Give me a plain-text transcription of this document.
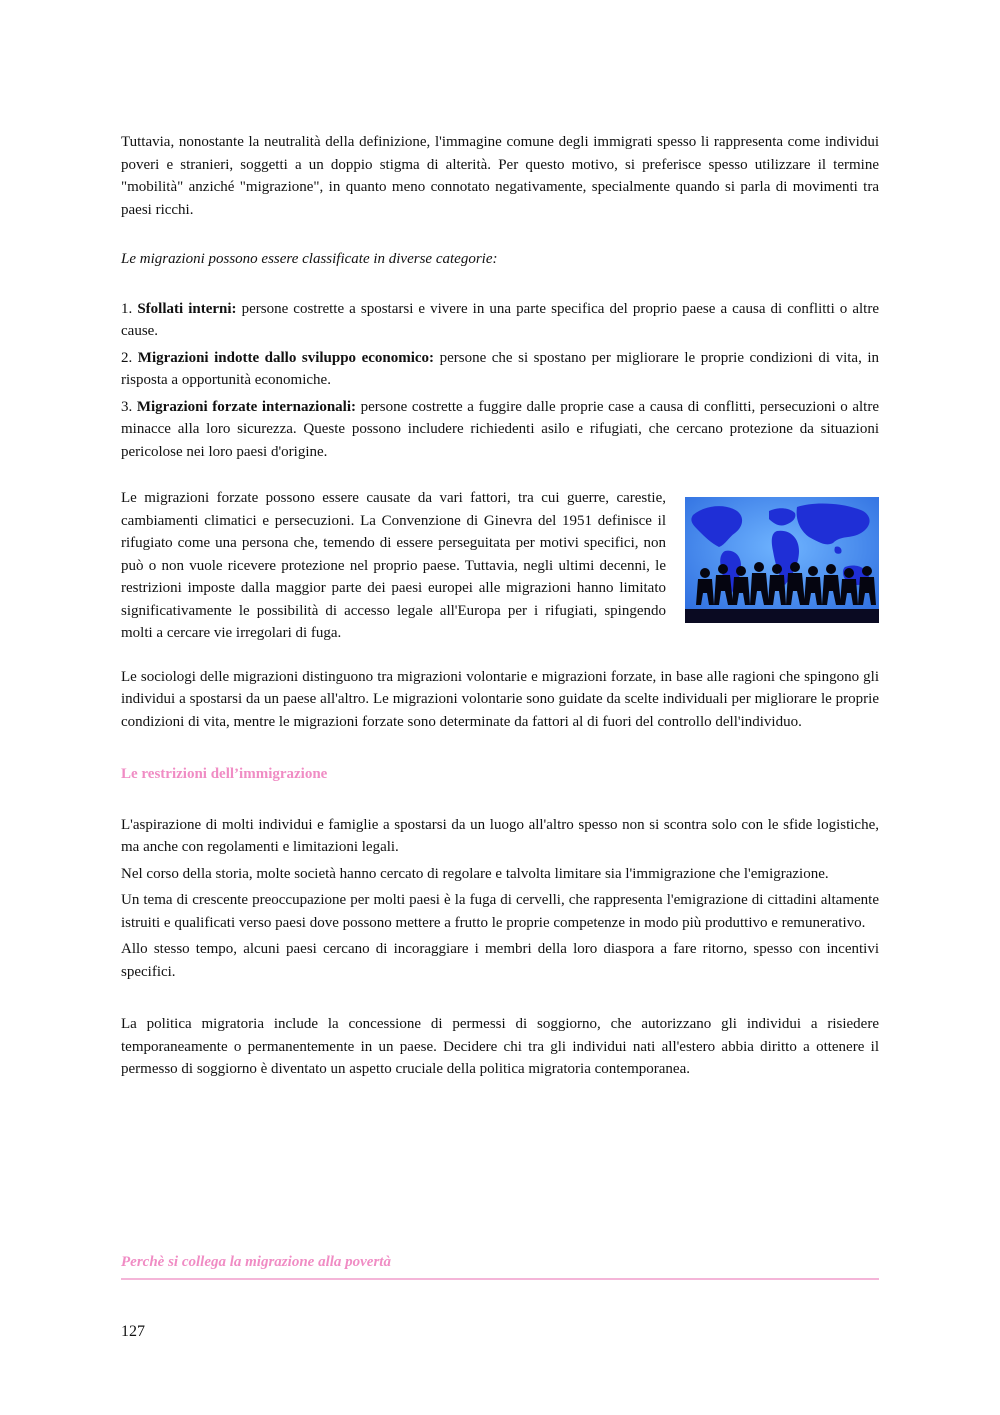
Tuttavia, nonostante la neutralità della definizione, l'immagine comune degli immigrati spesso li rappresenta come individui poveri e stranieri, soggetti a un doppio stigma di alterità. Per questo motivo, si preferisce spesso utilizzare il termine "mobilità" anziché "migrazione", in quanto meno connotato negativamente, specialmente quando si parla di movimenti tra paesi ricchi.

Le migrazioni possono essere classificate in diverse categorie:

1. Sfollati interni: persone costrette a spostarsi e vivere in una parte specifica del proprio paese a causa di conflitti o altre cause.

2. Migrazioni indotte dallo sviluppo economico: persone che si spostano per migliorare le proprie condizioni di vita, in risposta a opportunità economiche.

3. Migrazioni forzate internazionali: persone costrette a fuggire dalle proprie case a causa di conflitti, persecuzioni o altre minacce alla loro sicurezza. Queste possono includere richiedenti asilo e rifugiati, che cercano protezione da situazioni pericolose nei loro paesi d'origine.

Le migrazioni forzate possono essere causate da vari fattori, tra cui guerre, carestie, cambiamenti climatici e persecuzioni. La Convenzione di Ginevra del 1951 definisce il rifugiato come una persona che, temendo di essere perseguitata per motivi specifici, non può o non vuole ricevere protezione nel proprio paese. Tuttavia, negli ultimi decenni, le restrizioni imposte dalla maggior parte dei paesi europei alle migrazioni hanno limitato significativamente le possibilità di accesso legale all'Europa per i rifugiati, spingendo molti a cercare vie irregolari di fuga.

Le sociologi delle migrazioni distinguono tra migrazioni volontarie e migrazioni forzate, in base alle ragioni che spingono gli individui a spostarsi da un paese all'altro. Le migrazioni volontarie sono guidate da scelte individuali per migliorare le proprie condizioni di vita, mentre le migrazioni forzate sono determinate da fattori al di fuori del controllo dell'individuo.

Le restrizioni dell’immigrazione

L'aspirazione di molti individui e famiglie a spostarsi da un luogo all'altro spesso non si scontra solo con le sfide logistiche, ma anche con regolamenti e limitazioni legali.

Nel corso della storia, molte società hanno cercato di regolare e talvolta limitare sia l'immigrazione che l'emigrazione.

Un tema di crescente preoccupazione per molti paesi è la fuga di cervelli, che rappresenta l'emigrazione di cittadini altamente istruiti e qualificati verso paesi dove possono mettere a frutto le proprie competenze in modo più produttivo e remunerativo.

Allo stesso tempo, alcuni paesi cercano di incoraggiare i membri della loro diaspora a fare ritorno, spesso con incentivi specifici.

La politica migratoria include la concessione di permessi di soggiorno, che autorizzano gli individui a risiedere temporaneamente o permanentemente in un paese. Decidere chi tra gli individui nati all'estero abbia diritto a ottenere il permesso di soggiorno è diventato un aspetto cruciale della politica migratoria contemporanea.

Perchè si collega la migrazione alla povertà
127
